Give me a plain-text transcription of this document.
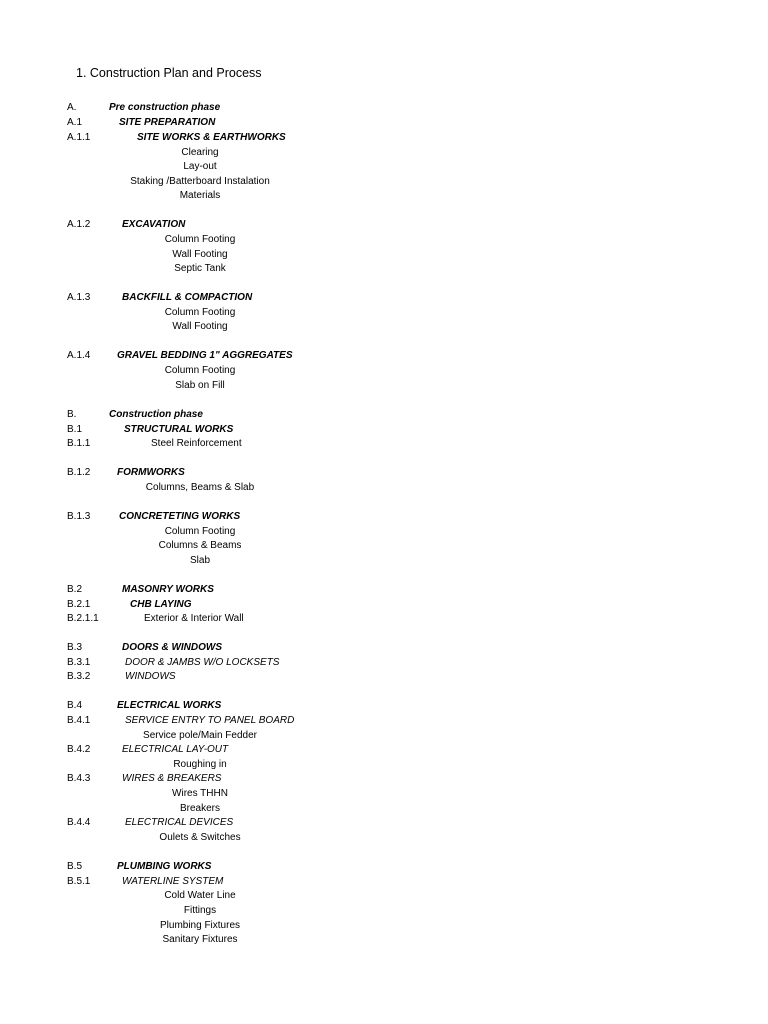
1. Construction Plan and Process
A.	Pre construction phase
A.1	SITE PREPARATION
A.1.1	SITE WORKS & EARTHWORKS
Clearing
Lay-out
Staking /Batterboard Instalation
Materials
A.1.2	EXCAVATION
Column Footing
Wall Footing
Septic Tank
A.1.3	BACKFILL & COMPACTION
Column Footing
Wall Footing
A.1.4	GRAVEL BEDDING 1" AGGREGATES
Column Footing
Slab on Fill
B.	Construction phase
B.1	STRUCTURAL WORKS
B.1.1	Steel Reinforcement
B.1.2	FORMWORKS
Columns, Beams & Slab
B.1.3	CONCRETETING WORKS
Column Footing
Columns & Beams
Slab
B.2	MASONRY WORKS
B.2.1	CHB LAYING
B.2.1.1	Exterior & Interior Wall
B.3	DOORS & WINDOWS
B.3.1	DOOR & JAMBS W/O LOCKSETS
B.3.2	WINDOWS
B.4	ELECTRICAL WORKS
B.4.1	SERVICE ENTRY TO PANEL BOARD
Service pole/Main Fedder
B.4.2	ELECTRICAL LAY-OUT
Roughing in
B.4.3	WIRES & BREAKERS
Wires THHN
Breakers
B.4.4	ELECTRICAL DEVICES
Oulets & Switches
B.5	PLUMBING WORKS
B.5.1	WATERLINE SYSTEM
Cold Water Line
Fittings
Plumbing Fixtures
Sanitary Fixtures
